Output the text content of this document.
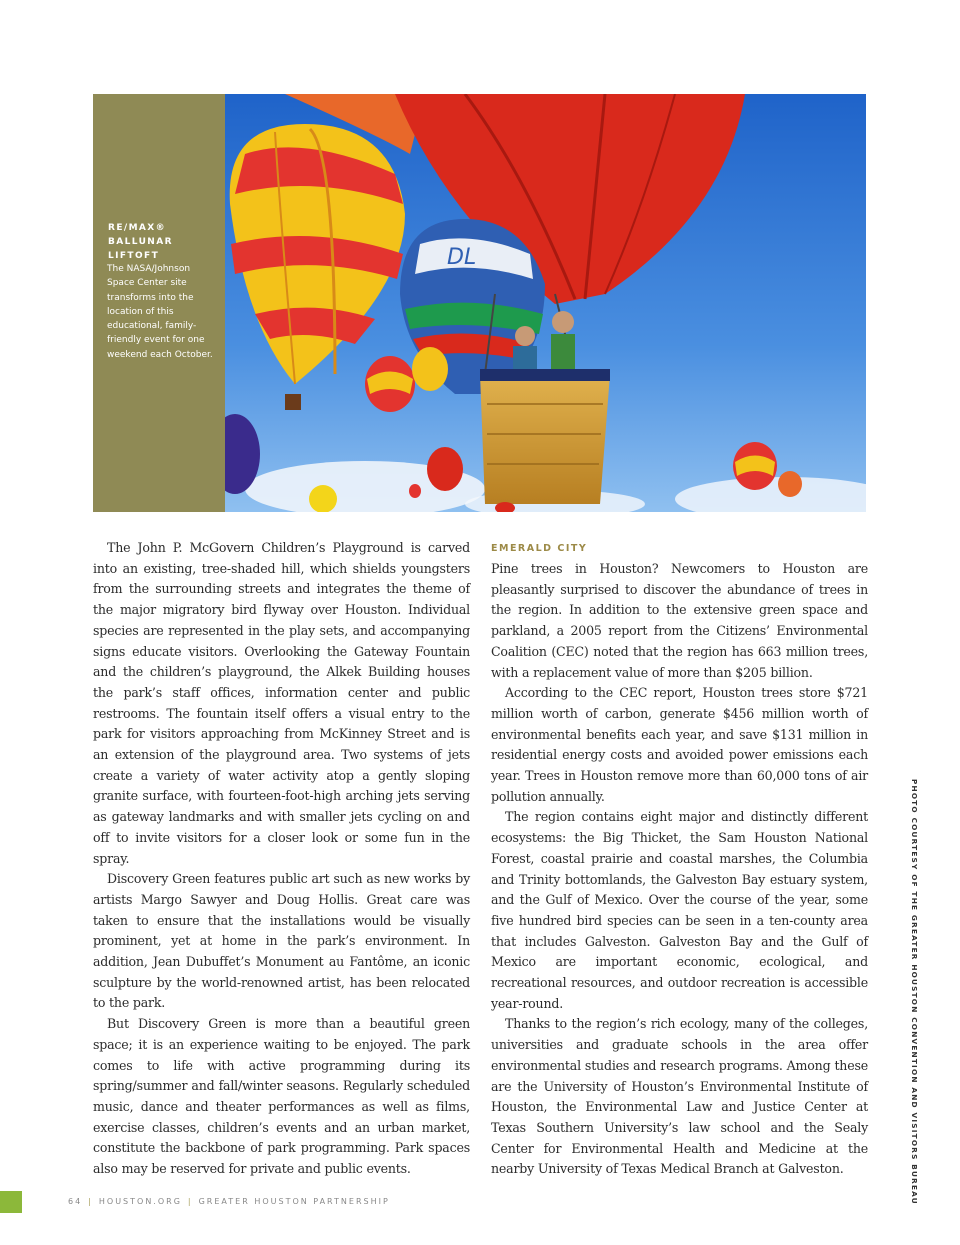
RE/MAX®
BALLUNAR
LIFTOFT
The NASA/Johnson Space Center site transforms into the location of this educational, family-friendly event for one weekend each October.
DL

The John P. McGovern Children’s Playground is carved into an existing, tree-shaded hill, which shields youngsters from the surrounding streets and integrates the theme of the major migratory bird flyway over Houston. Individual species are represented in the play sets, and accompanying signs educate visitors. Overlooking the Gateway Fountain and the children’s playground, the Alkek Building houses the park’s staff offices, information center and public restrooms. The fountain itself offers a visual entry to the park for visitors approaching from McKinney Street and is an extension of the playground area. Two systems of jets create a variety of water activity atop a gently sloping granite surface, with fourteen-foot-high arching jets serving as gateway landmarks and with smaller jets cycling on and off to invite visitors for a closer look or some fun in the spray.

Discovery Green features public art such as new works by artists Margo Sawyer and Doug Hollis. Great care was taken to ensure that the installations would be visually prominent, yet at home in the park’s environment. In addition, Jean Dubuffet’s Monument au Fantôme, an iconic sculpture by the world-renowned artist, has been relocated to the park.

But Discovery Green is more than a beautiful green space; it is an experience waiting to be enjoyed. The park comes to life with active programming during its spring/summer and fall/winter seasons. Regularly scheduled music, dance and theater performances as well as films, exercise classes, children’s events and an urban market, constitute the backbone of park programming. Park spaces also may be reserved for private and public events.

EMERALD CITY

Pine trees in Houston? Newcomers to Houston are pleasantly surprised to discover the abundance of trees in the region. In addition to the extensive green space and parkland, a 2005 report from the Citizens’ Environmental Coalition (CEC) noted that the region has 663 million trees, with a replacement value of more than $205 billion.

According to the CEC report, Houston trees store $721 million worth of carbon, generate $456 million worth of environmental benefits each year, and save $131 million in residential energy costs and avoided power emissions each year. Trees in Houston remove more than 60,000 tons of air pollution annually.

The region contains eight major and distinctly different ecosystems: the Big Thicket, the Sam Houston National Forest, coastal prairie and coastal marshes, the Columbia and Trinity bottomlands, the Galveston Bay estuary system, and the Gulf of Mexico. Over the course of the year, some five hundred bird species can be seen in a ten-county area that includes Galveston. Galveston Bay and the Gulf of Mexico are important economic, ecological, and recreational resources, and outdoor recreation is accessible year-round.

Thanks to the region’s rich ecology, many of the colleges, universities and graduate schools in the area offer environmental studies and research programs. Among these are the University of Houston’s Environmental Institute of Houston, the Environmental Law and Justice Center at Texas Southern University’s law school and the Sealy Center for Environmental Health and Medicine at the nearby University of Texas Medical Branch at Galveston.	PHOTO COURTESY OF THE GREATER HOUSTON CONVENTION AND VISITORS BUREAU
64 | HOUSTON.ORG | GREATER HOUSTON PARTNERSHIP
